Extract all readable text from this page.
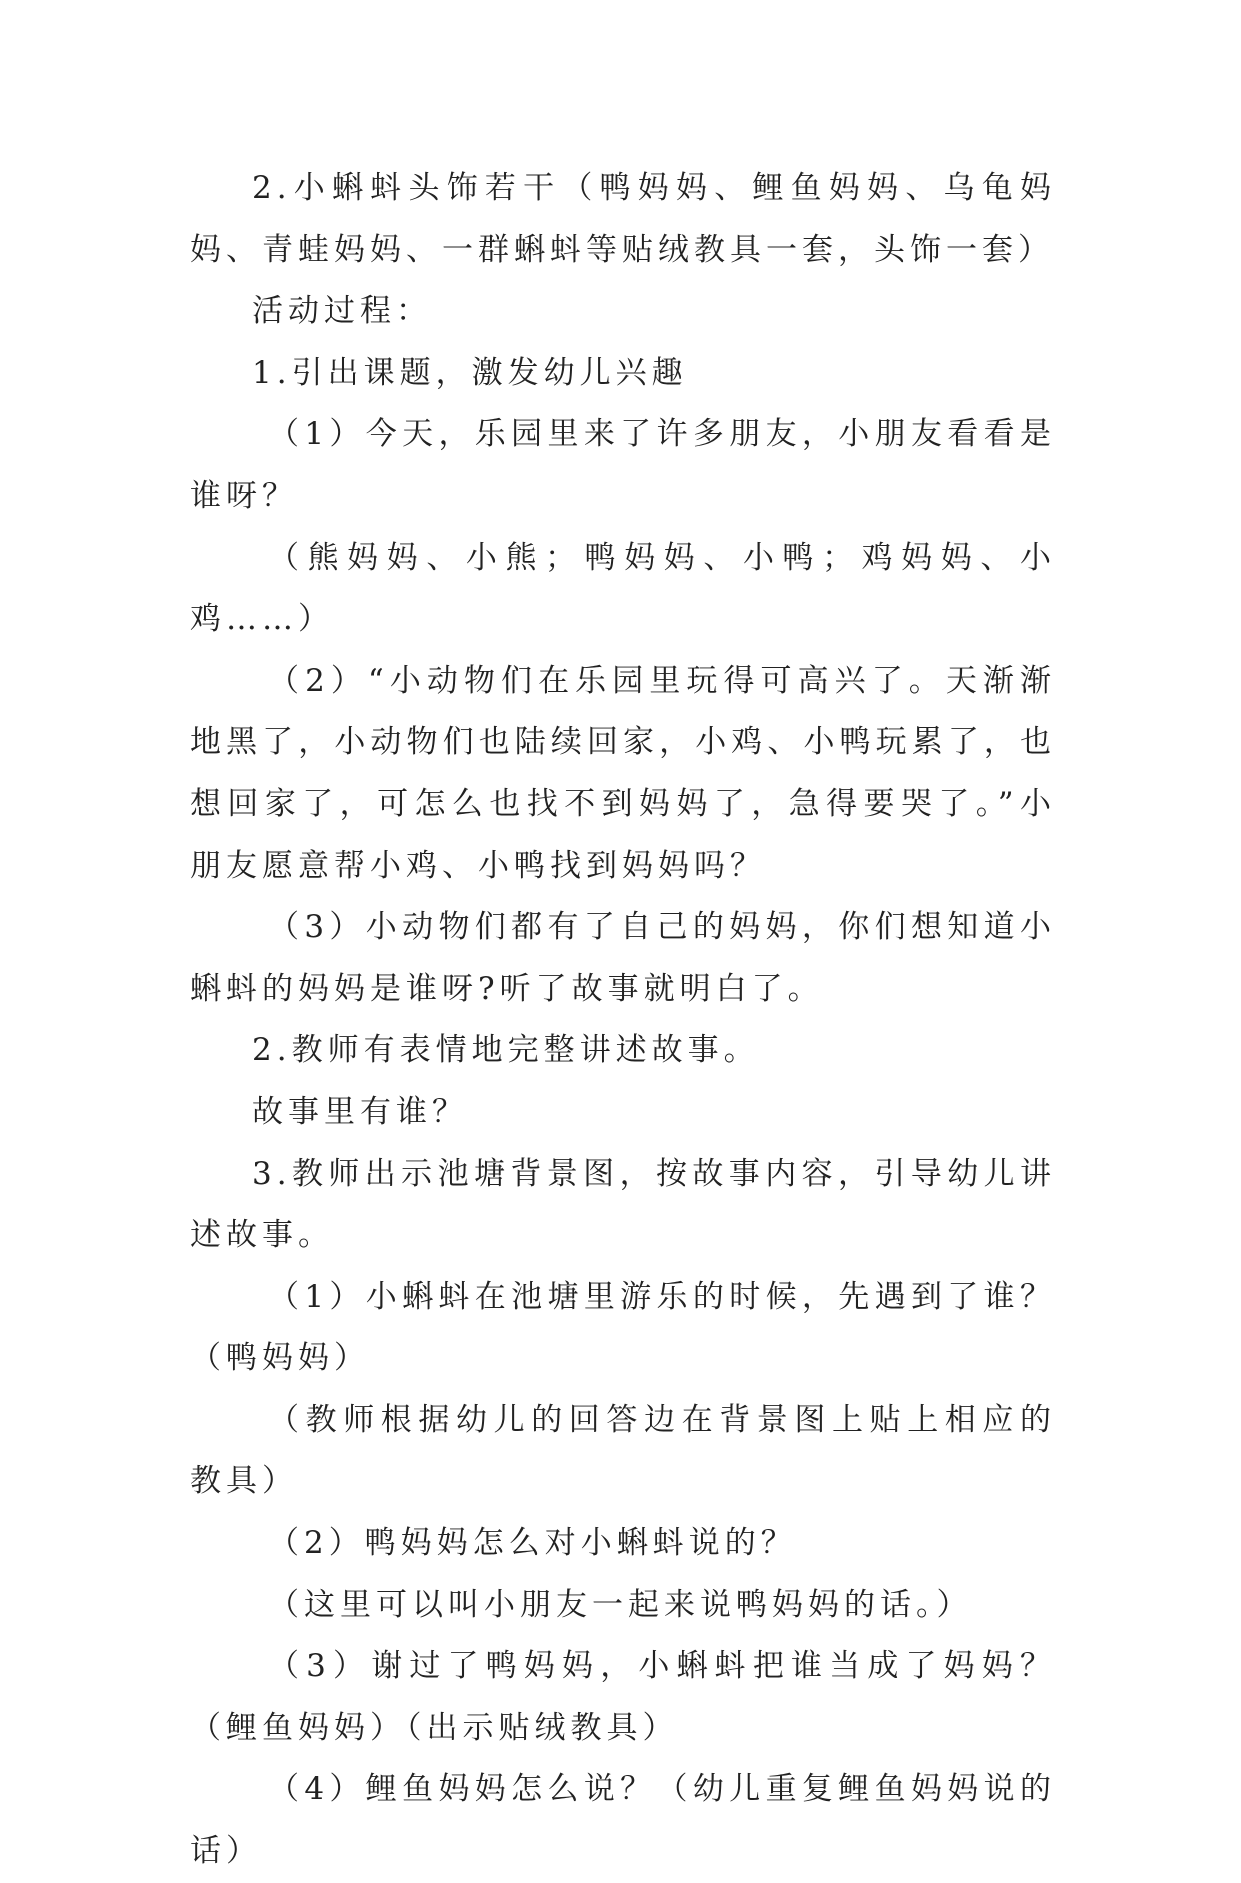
2.小蝌蚪头饰若干（鸭妈妈、鲤鱼妈妈、乌龟妈妈、青蛙妈妈、一群蝌蚪等贴绒教具一套，头饰一套）

活动过程：

1.引出课题，激发幼儿兴趣

（1）今天，乐园里来了许多朋友，小朋友看看是谁呀？

（熊妈妈、小熊；鸭妈妈、小鸭；鸡妈妈、小鸡……）

（2）“小动物们在乐园里玩得可高兴了。天渐渐地黑了，小动物们也陆续回家，小鸡、小鸭玩累了，也想回家了，可怎么也找不到妈妈了，急得要哭了。”小朋友愿意帮小鸡、小鸭找到妈妈吗？

（3）小动物们都有了自己的妈妈，你们想知道小蝌蚪的妈妈是谁呀?听了故事就明白了。

2.教师有表情地完整讲述故事。

故事里有谁？

3.教师出示池塘背景图，按故事内容，引导幼儿讲述故事。

（1）小蝌蚪在池塘里游乐的时候，先遇到了谁？（鸭妈妈）

（教师根据幼儿的回答边在背景图上贴上相应的教具）

（2）鸭妈妈怎么对小蝌蚪说的？

（这里可以叫小朋友一起来说鸭妈妈的话。）

（3）谢过了鸭妈妈，小蝌蚪把谁当成了妈妈？（鲤鱼妈妈）（出示贴绒教具）

（4）鲤鱼妈妈怎么说？（幼儿重复鲤鱼妈妈说的话）
